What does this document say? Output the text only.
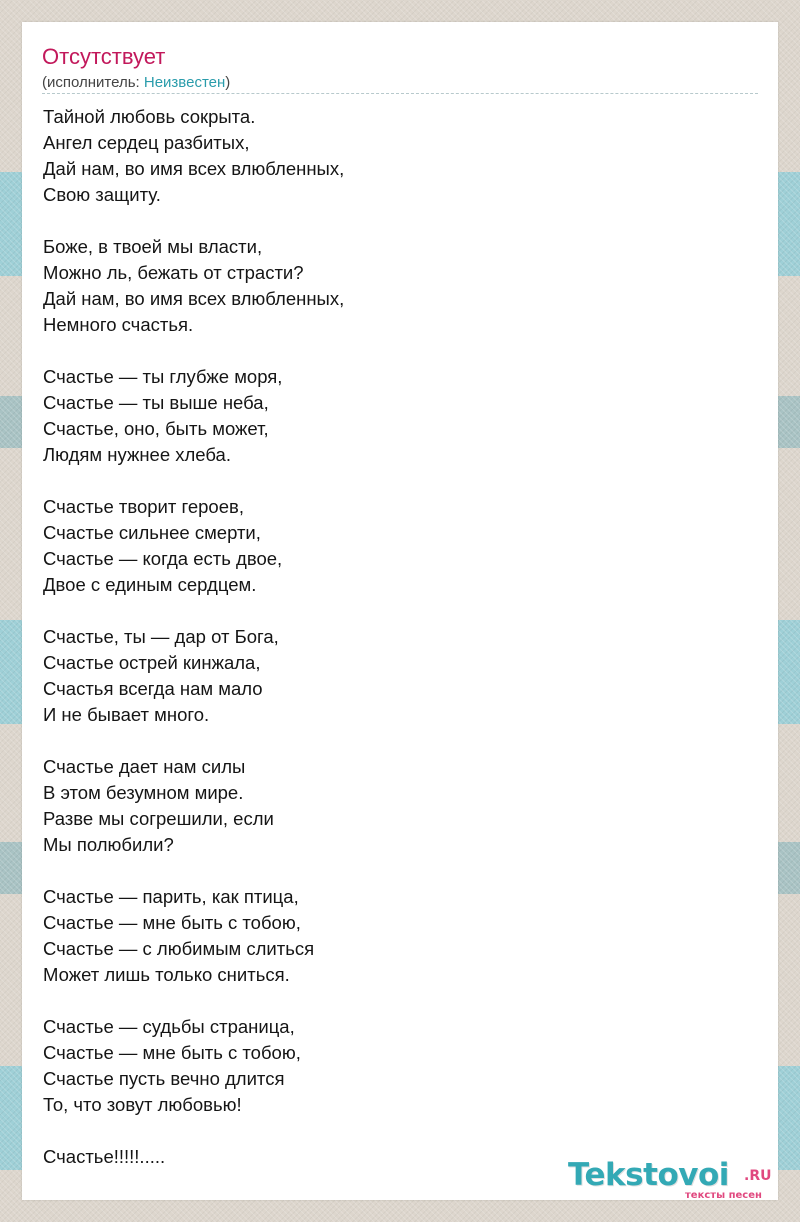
Отсутствует
(исполнитель: Неизвестен)
Тайной любовь сокрыта.
Ангел сердец разбитых,
Дай нам, во имя всех влюбленных,
Свою защиту.
Боже, в твоей мы власти,
Можно ль, бежать от страсти?
Дай нам, во имя всех влюбленных,
Немного счастья.
Счастье — ты глубже моря,
Счастье — ты выше неба,
Счастье, оно, быть может,
Людям нужнее хлеба.
Счастье творит героев,
Счастье сильнее смерти,
Счастье — когда есть двое,
Двое с единым сердцем.
Счастье, ты — дар от Бога,
Счастье острей кинжала,
Счастья всегда нам мало
И не бывает много.
Счастье дает нам силы
В этом безумном мире.
Разве мы согрешили, если
Мы полюбили?
Счастье — парить, как птица,
Счастье — мне быть с тобою,
Счастье — с любимым слиться
Может лишь только сниться.
Счастье — судьбы страница,
Счастье — мне быть с тобою,
Счастье пусть вечно длится
То, что зовут любовью!
Счастье!!!!!.....
Tekstovoi .RU
тексты песен
